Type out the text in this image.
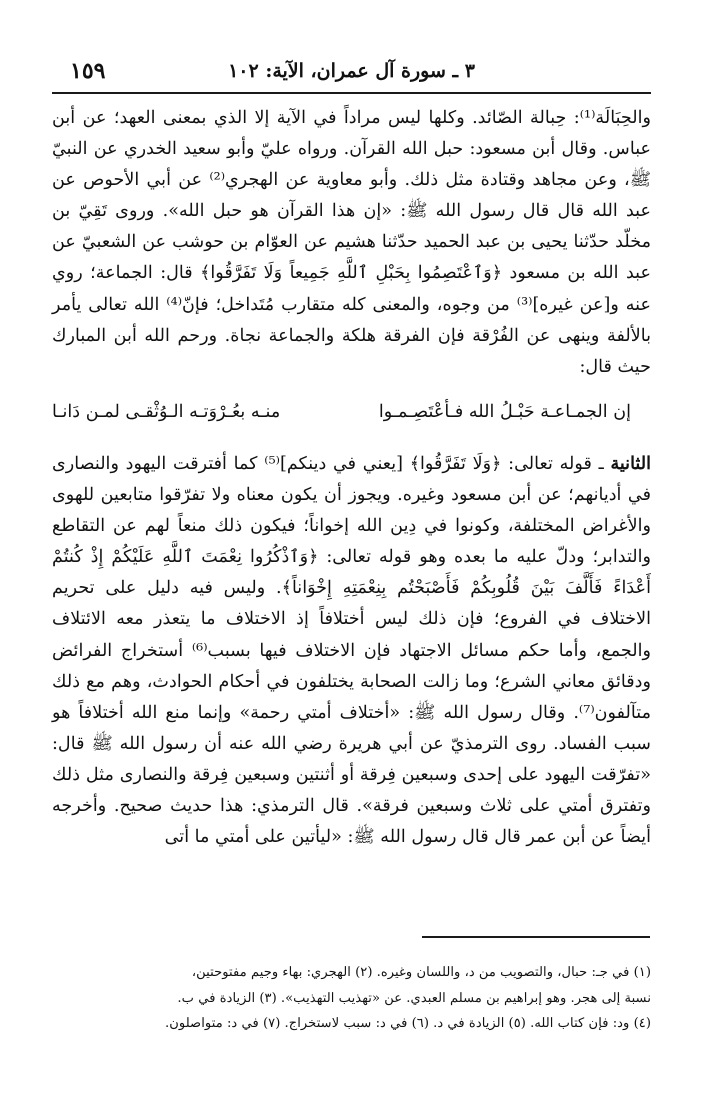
١٥٩	٣ ـ سورة آل عمران، الآية: ١٠٢

والحِبَالَة⁽¹⁾: حِبالة الصّائد. وكلها ليس مراداً في الآية إلا الذي بمعنى العهد؛ عن أبن عباس. وقال أبن مسعود: حبل الله القرآن. ورواه عليّ وأبو سعيد الخدري عن النبيّ ﷺ، وعن مجاهد وقتادة مثل ذلك. وأبو معاوية عن الهجري⁽²⁾ عن أبي الأحوص عن عبد الله قال قال رسول الله ﷺ: «إن هذا القرآن هو حبل الله». وروى تَقِيّ بن مخلّد حدّثنا يحيى بن عبد الحميد حدّثنا هشيم عن العوّام بن حوشب عن الشعبيّ عن عبد الله بن مسعود ﴿وَٱعْتَصِمُوا بِحَبْلِ ٱللَّهِ جَمِيعاً وَلَا تَفَرَّقُوا﴾ قال: الجماعة؛ روي عنه و[عن غيره]⁽³⁾ من وجوه، والمعنى كله متقارب مُتَداخل؛ فإنّ⁽⁴⁾ الله تعالى يأمر بالألفة وينهى عن الفُرْقة فإن الفرقة هلكة والجماعة نجاة. ورحم الله أبن المبارك حيث قال:

إن الجمـاعـة حَبْـلُ الله فـأعْتَصِـمـوا
منـه بعُـرْوَتـه الـوُثْقـى لمـن دَانـا

الثانية ـ قوله تعالى: ﴿وَلَا تَفَرَّقُوا﴾ [يعني في دينكم]⁽⁵⁾ كما أفترقت اليهود والنصارى في أديانهم؛ عن أبن مسعود وغيره. ويجوز أن يكون معناه ولا تفرّقوا متابعين للهوى والأغراض المختلفة، وكونوا في دِين الله إخواناً؛ فيكون ذلك منعاً لهم عن التقاطع والتدابر؛ ودلّ عليه ما بعده وهو قوله تعالى: ﴿وَٱذْكُرُوا نِعْمَتَ ٱللَّهِ عَلَيْكُمْ إِذْ كُنتُمْ أَعْدَاءً فَأَلَّفَ بَيْنَ قُلُوبِكُمْ فَأَصْبَحْتُم بِنِعْمَتِهِ إِخْوَاناً﴾. وليس فيه دليل على تحريم الاختلاف في الفروع؛ فإن ذلك ليس أختلافاً إذ الاختلاف ما يتعذر معه الائتلاف والجمع، وأما حكم مسائل الاجتهاد فإن الاختلاف فيها بسبب⁽⁶⁾ أستخراج الفرائض ودقائق معاني الشرع؛ وما زالت الصحابة يختلفون في أحكام الحوادث، وهم مع ذلك متآلفون⁽⁷⁾. وقال رسول الله ﷺ: «أختلاف أمتي رحمة» وإنما منع الله أختلافاً هو سبب الفساد. روى الترمذيّ عن أبي هريرة رضي الله عنه أن رسول الله ﷺ قال: «تفرّقت اليهود على إحدى وسبعين فِرقة أو أثنتين وسبعين فِرقة والنصارى مثل ذلك وتفترق أمتي على ثلاث وسبعين فرقة». قال الترمذي: هذا حديث صحيح. وأخرجه أيضاً عن أبن عمر قال قال رسول الله ﷺ: «ليأتين على أمتي ما أتى

(١) في جـ: حبال، والتصويب من د، واللسان وغيره. (٢) الهجري: بهاء وجيم مفتوحتين،
نسبة إلى هجر. وهو إبراهيم بن مسلم العبدي. عن «تهذيب التهذيب». (٣) الزيادة في ب.
(٤) ود: فإن كتاب الله. (٥) الزيادة في د. (٦) في د: سبب لاستخراج. (٧) في د: متواصلون.
